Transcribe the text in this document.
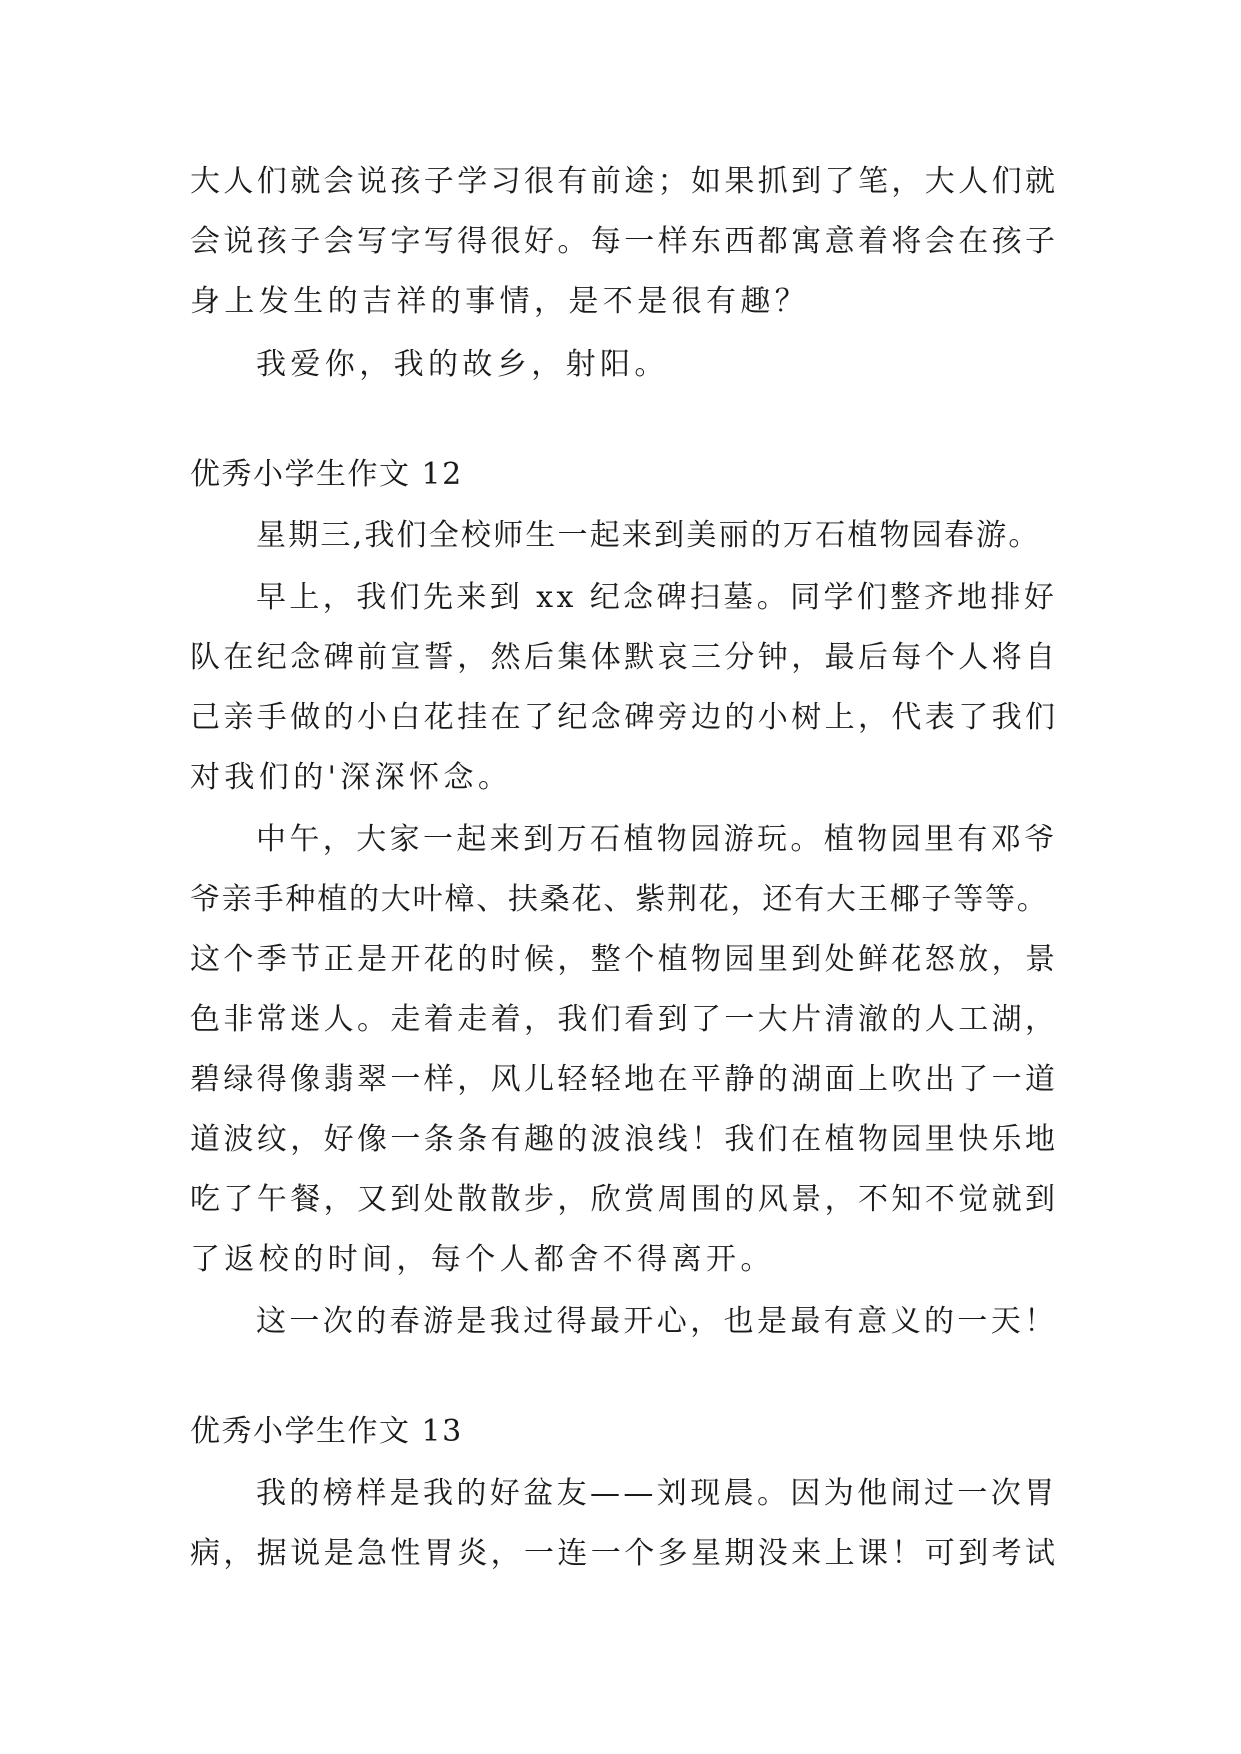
大人们就会说孩子学习很有前途；如果抓到了笔，大人们就
会说孩子会写字写得很好。每一样东西都寓意着将会在孩子
身上发生的吉祥的事情，是不是很有趣？
我爱你，我的故乡，射阳。
优秀小学生作文 12
星期三,我们全校师生一起来到美丽的万石植物园春游。
早上，我们先来到 xx 纪念碑扫墓。同学们整齐地排好
队在纪念碑前宣誓，然后集体默哀三分钟，最后每个人将自
己亲手做的小白花挂在了纪念碑旁边的小树上，代表了我们
对我们的'深深怀念。
中午，大家一起来到万石植物园游玩。植物园里有邓爷
爷亲手种植的大叶樟、扶桑花、紫荆花，还有大王椰子等等。
这个季节正是开花的时候，整个植物园里到处鲜花怒放，景
色非常迷人。走着走着，我们看到了一大片清澈的人工湖，
碧绿得像翡翠一样，风儿轻轻地在平静的湖面上吹出了一道
道波纹，好像一条条有趣的波浪线！我们在植物园里快乐地
吃了午餐，又到处散散步，欣赏周围的风景，不知不觉就到
了返校的时间，每个人都舍不得离开。
这一次的春游是我过得最开心，也是最有意义的一天！
优秀小学生作文 13
我的榜样是我的好盆友——刘现晨。因为他闹过一次胃
病，据说是急性胃炎，一连一个多星期没来上课！可到考试
